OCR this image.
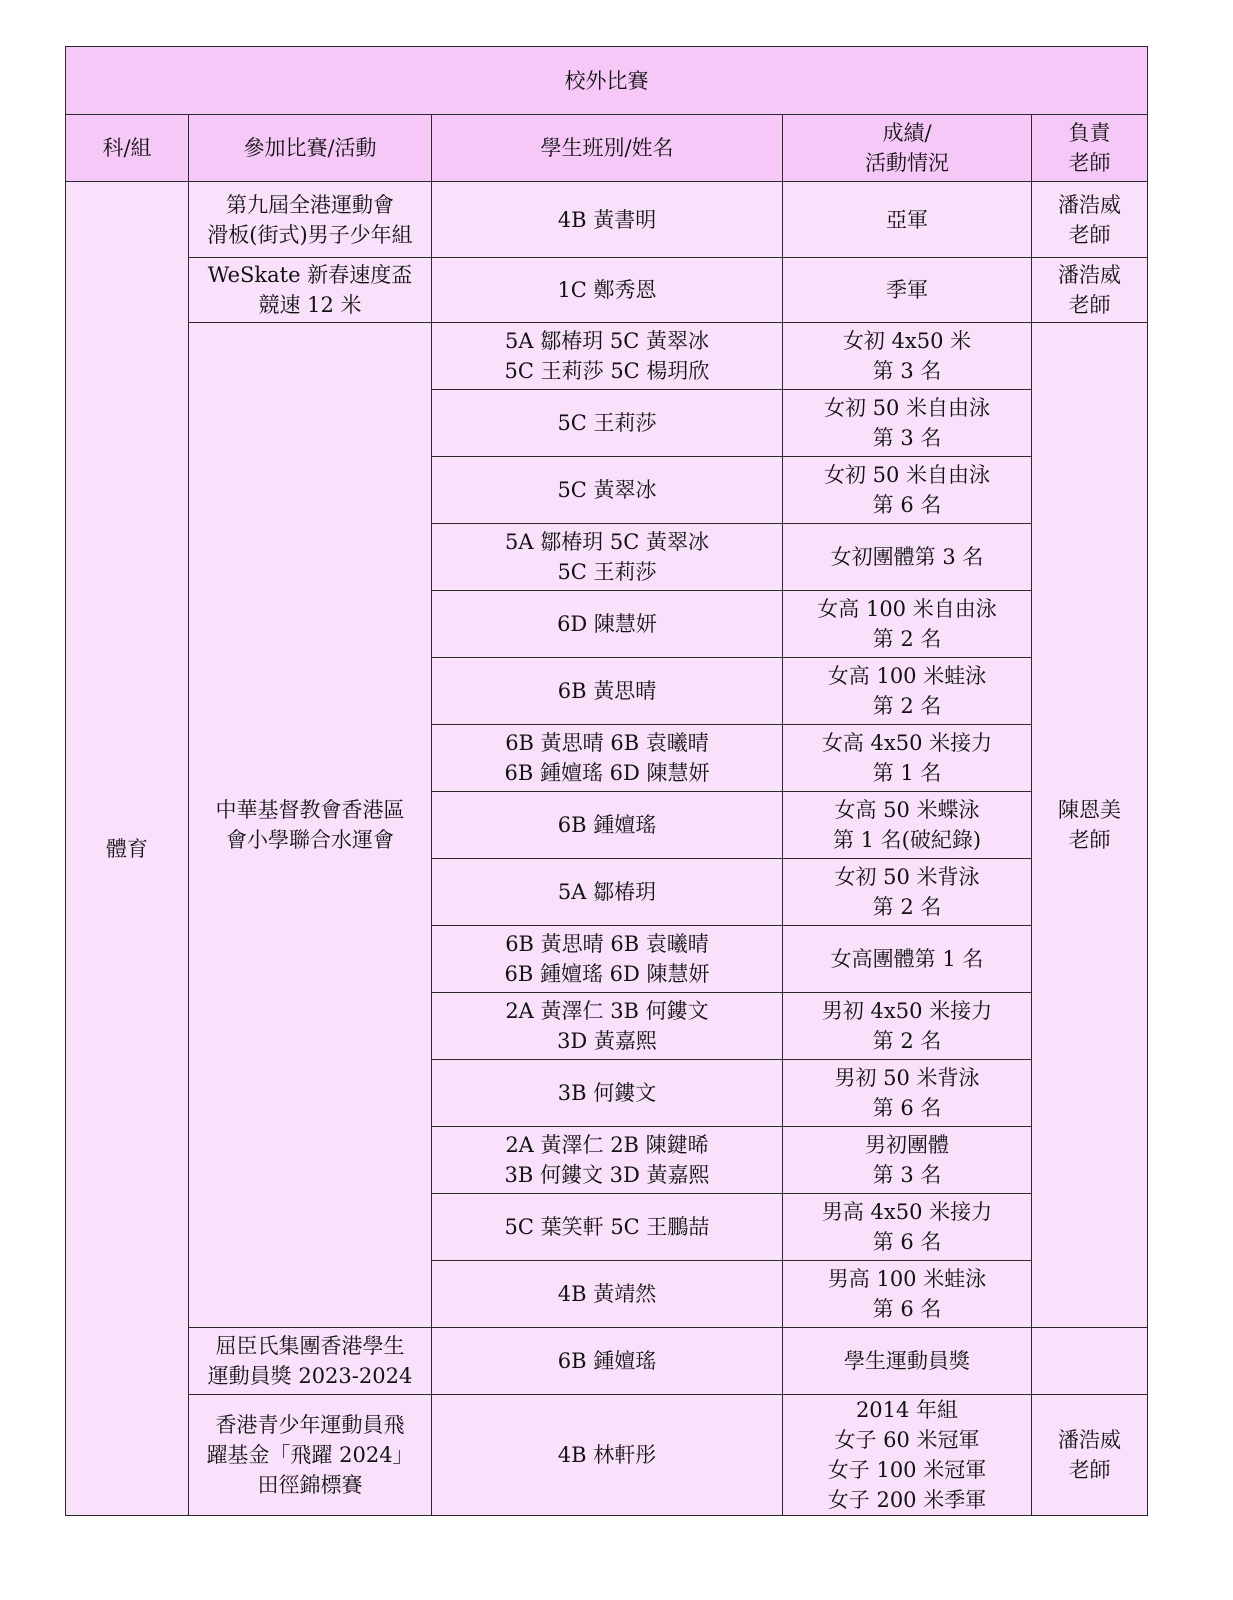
校外比賽				
科/組	參加比賽/活動	學生班別/姓名	成績/
活動情況	負責
老師
體育	第九屆全港運動會
滑板(街式)男子少年組	4B 黃書明	亞軍	潘浩威
老師
	WeSkate 新春速度盃
競速 12 米	1C 鄭秀恩	季軍	潘浩威
老師
	中華基督教會香港區
會小學聯合水運會	5A 鄒椿玥 5C 黃翠冰
5C 王莉莎 5C 楊玥欣	女初 4x50 米
第 3 名	陳恩美
老師
		5C 王莉莎	女初 50 米自由泳
第 3 名	
		5C 黃翠冰	女初 50 米自由泳
第 6 名	
		5A 鄒椿玥 5C 黃翠冰
5C 王莉莎	女初團體第 3 名	
		6D 陳慧妍	女高 100 米自由泳
第 2 名	
		6B 黃思晴	女高 100 米蛙泳
第 2 名	
		6B 黃思晴 6B 袁曦晴
6B 鍾嬗瑤 6D 陳慧妍	女高 4x50 米接力
第 1 名	
		6B 鍾嬗瑤	女高 50 米蝶泳
第 1 名(破紀錄)	
		5A 鄒椿玥	女初 50 米背泳
第 2 名	
		6B 黃思晴 6B 袁曦晴
6B 鍾嬗瑤 6D 陳慧妍	女高團體第 1 名	
		2A 黃澤仁 3B 何鏤文
3D 黃嘉熙	男初 4x50 米接力
第 2 名	
		3B 何鏤文	男初 50 米背泳
第 6 名	
		2A 黃澤仁 2B 陳鍵晞
3B 何鏤文 3D 黃嘉熙	男初團體
第 3 名	
		5C 葉笑軒 5C 王鵬喆	男高 4x50 米接力
第 6 名	
		4B 黃靖然	男高 100 米蛙泳
第 6 名	
	屈臣氏集團香港學生
運動員獎 2023-2024	6B 鍾嬗瑤	學生運動員獎	
	香港青少年運動員飛
躍基金「飛躍 2024」
田徑錦標賽	4B 林軒彤	2014 年組
女子 60 米冠軍
女子 100 米冠軍
女子 200 米季軍	潘浩威
老師
